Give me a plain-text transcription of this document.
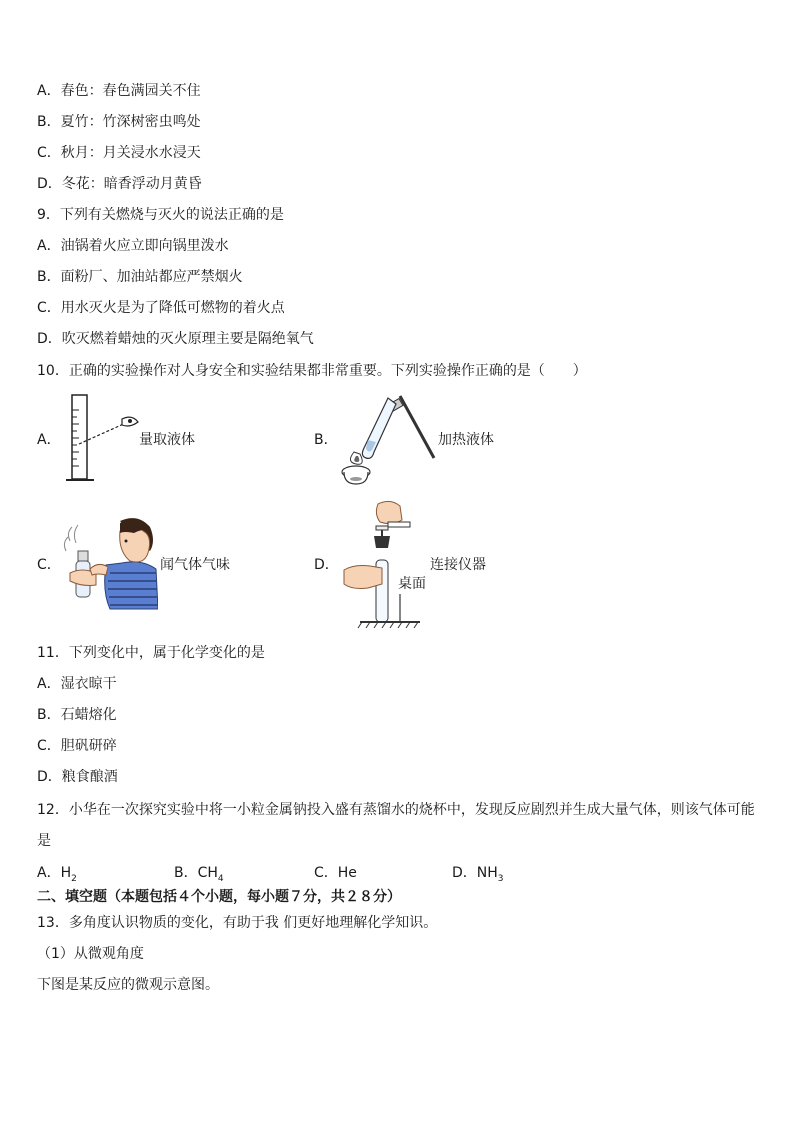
A．春色：春色满园关不住
B．夏竹：竹深树密虫鸣处
C．秋月：月关浸水水浸天
D．冬花：暗香浮动月黄昏
9．下列有关燃烧与灭火的说法正确的是
A．油锅着火应立即向锅里泼水
B．面粉厂、加油站都应严禁烟火
C．用水灭火是为了降低可燃物的着火点
D．吹灭燃着蜡烛的灭火原理主要是隔绝氧气
10．正确的实验操作对人身安全和实验结果都非常重要。下列实验操作正确的是（　　）
A．	量取液体	B．	加热液体
C．	闻气体气味	D．
桌面
连接仪器
11．下列变化中，属于化学变化的是
A．湿衣晾干
B．石蜡熔化
C．胆矾研碎
D．粮食酿酒
12．小华在一次探究实验中将一小粒金属钠投入盛有蒸馏水的烧杯中，发现反应剧烈并生成大量气体，则该气体可能
是
A．$H_2$	B．$CH_4$	C．He	D．$NH_3$
二、填空题（本题包括４个小题，每小题７分，共２８分）
13．多角度认识物质的变化，有助于我 们更好地理解化学知识。
（1）从微观角度
下图是某反应的微观示意图。
